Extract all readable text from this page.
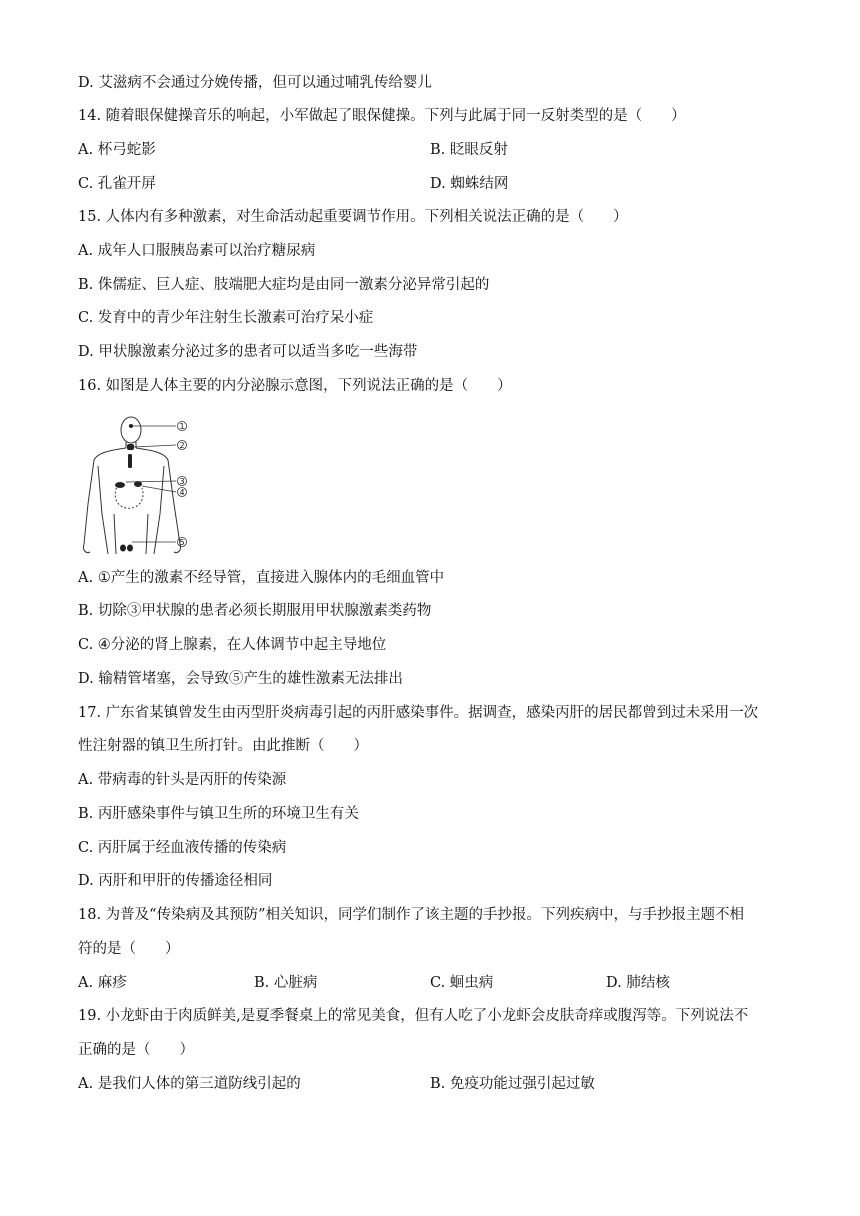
D. 艾滋病不会通过分娩传播，但可以通过哺乳传给婴儿
14. 随着眼保健操音乐的响起，小军做起了眼保健操。下列与此属于同一反射类型的是（　　）
A. 杯弓蛇影	B. 眨眼反射
C. 孔雀开屏	D. 蜘蛛结网
15. 人体内有多种激素，对生命活动起重要调节作用。下列相关说法正确的是（　　）
A. 成年人口服胰岛素可以治疗糖尿病
B. 侏儒症、巨人症、肢端肥大症均是由同一激素分泌异常引起的
C. 发育中的青少年注射生长激素可治疗呆小症
D. 甲状腺激素分泌过多的患者可以适当多吃一些海带
16. 如图是人体主要的内分泌腺示意图，下列说法正确的是（　　）
1
2
3
4
5
A. ①产生的激素不经导管，直接进入腺体内的毛细血管中
B. 切除③甲状腺的患者必须长期服用甲状腺激素类药物
C. ④分泌的肾上腺素，在人体调节中起主导地位
D. 输精管堵塞，会导致⑤产生的雄性激素无法排出
17. 广东省某镇曾发生由丙型肝炎病毒引起的丙肝感染事件。据调查，感染丙肝的居民都曾到过未采用一次
性注射器的镇卫生所打针。由此推断（　　）
A. 带病毒的针头是丙肝的传染源
B. 丙肝感染事件与镇卫生所的环境卫生有关
C. 丙肝属于经血液传播的传染病
D. 丙肝和甲肝的传播途径相同
18. 为普及“传染病及其预防”相关知识，同学们制作了该主题的手抄报。下列疾病中，与手抄报主题不相
符的是（　　）
A. 麻疹	B. 心脏病	C. 蛔虫病	D. 肺结核
19. 小龙虾由于肉质鲜美,是夏季餐桌上的常见美食，但有人吃了小龙虾会皮肤奇痒或腹泻等。下列说法不
正确的是（　　）
A. 是我们人体的第三道防线引起的	B. 免疫功能过强引起过敏
